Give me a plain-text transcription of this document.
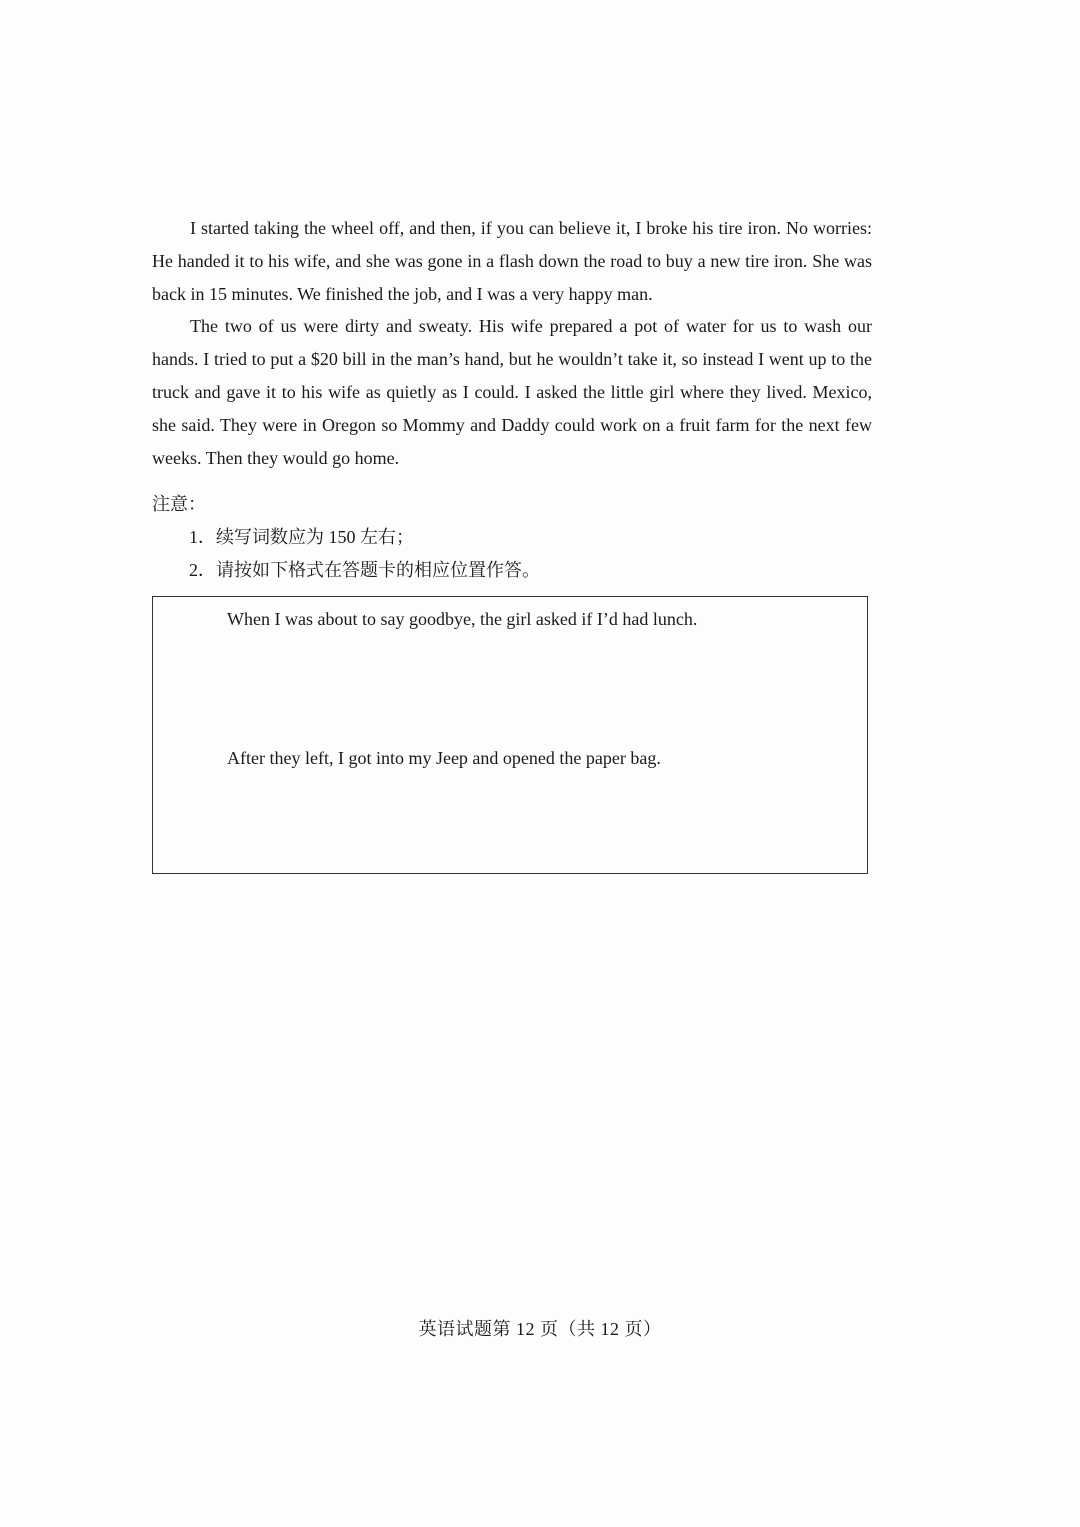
I started taking the wheel off, and then, if you can believe it, I broke his tire iron. No worries: He handed it to his wife, and she was gone in a flash down the road to buy a new tire iron. She was back in 15 minutes. We finished the job, and I was a very happy man.

The two of us were dirty and sweaty. His wife prepared a pot of water for us to wash our hands. I tried to put a $20 bill in the man’s hand, but he wouldn’t take it, so instead I went up to the truck and gave it to his wife as quietly as I could. I asked the little girl where they lived. Mexico, she said. They were in Oregon so Mommy and Daddy could work on a fruit farm for the next few weeks. Then they would go home.

注意：

1．续写词数应为 150 左右；

2．请按如下格式在答题卡的相应位置作答。

When I was about to say goodbye, the girl asked if I’d had lunch.
After they left, I got into my Jeep and opened the paper bag.
英语试题第 12 页（共 12 页）
